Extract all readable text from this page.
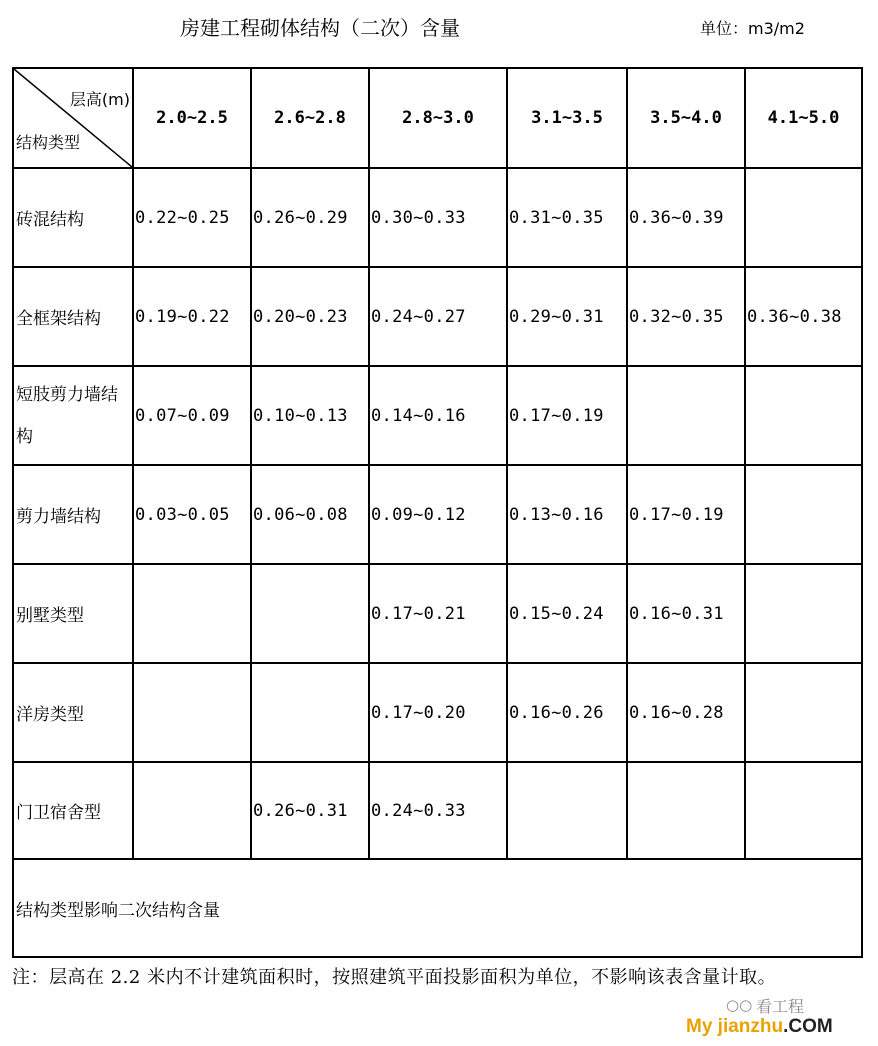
房建工程砌体结构（二次）含量	单位：m3/m2
层高(m)
结构类型	2.0~2.5	2.6~2.8	2.8~3.0	3.1~3.5	3.5~4.0	4.1~5.0
砖混结构	0.22~0.25	0.26~0.29	0.30~0.33	0.31~0.35	0.36~0.39	
全框架结构	0.19~0.22	0.20~0.23	0.24~0.27	0.29~0.31	0.32~0.35	0.36~0.38

短肢剪力墙结构	0.07~0.09	0.10~0.13	0.14~0.16	0.17~0.19		
剪力墙结构	0.03~0.05	0.06~0.08	0.09~0.12	0.13~0.16	0.17~0.19	
别墅类型			0.17~0.21	0.15~0.24	0.16~0.31	
洋房类型			0.17~0.20	0.16~0.26	0.16~0.28	
门卫宿舍型		0.26~0.31	0.24~0.33			
结构类型影响二次结构含量						
注：层高在 2.2 米内不计建筑面积时，按照建筑平面投影面积为单位，不影响该表含量计取。
○○ 看工程
My jianzhu.COM
